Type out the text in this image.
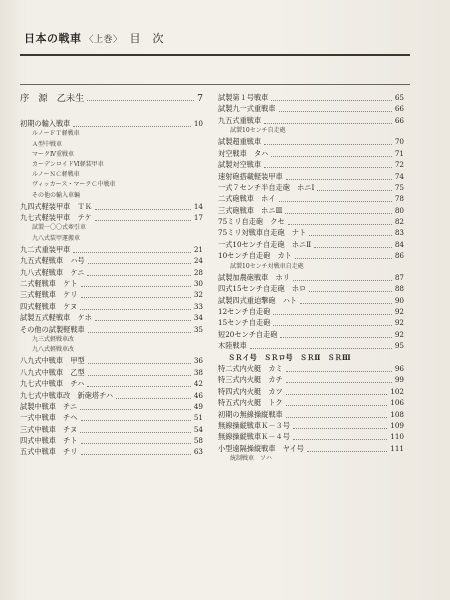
日本の戦車 〈上巻〉 目　次
序　源　乙未生	7
初期の輸入戦車	10
ルノーＦＴ軽戦車
Ａ型中戦車
マークⅣ重戦車
カーデンロイドⅥ軽装甲車
ルノーＮＣ軽戦車
ヴィッカース・マークＣ中戦車
その他の輸入車輛
九四式軽装甲車　ＴＫ	14
九七式軽装甲車　テケ	17
試製一〇〇式牽引車
九八式装甲運搬車
九二式重装甲車	21
九五式軽戦車　ハ号	24
九八式軽戦車　ケニ	28
二式軽戦車　ケト	30
三式軽戦車　ケリ	32
四式軽戦車　ケヌ	33
試製五式軽戦車　ケホ	34
その他の試製軽戦車	35
九三式軽戦車改
九八式軽戦車改
八九式中戦車　甲型	36
八九式中戦車　乙型	38
九七式中戦車　チハ	42
九七式中戦車改　新砲塔チハ	46
試製中戦車　チニ	49
一式中戦車　チヘ	51
三式中戦車　チヌ	54
四式中戦車　チト	58
五式中戦車　チリ	63
試製第１号戦車	65
試製九一式重戦車	66
九五式重戦車	66
試製10センチ自走砲
試製超重戦車	70
対空戦車　タハ	71
試製対空戦車	72
速射砲搭載軽装甲車	74
一式７センチ半自走砲　ホニⅠ	75
二式砲戦車　ホイ	78
三式砲戦車　ホニⅢ	80
75ミリ自走砲　クセ	82
75ミリ対戦車自走砲　ナト	83
一式10センチ自走砲　ホニⅡ	84
10センチ自走砲　カト	86
試製10センチ対戦車自走砲
試製加農砲戦車　ホリ	87
四式15センチ自走砲　ホロ	88
試製四式重迫撃砲　ハト	90
12センチ自走砲	92
15センチ自走砲	92
短20センチ自走砲	92
木陸戦車	95
ＳＲイ号　ＳＲロ号　ＳＲⅡ　ＳＲⅢ
特二式内火艇　カミ	96
特三式内火艇　カチ	99
特四式内火艇　カツ	102
特五式内火艇　トク	106
初期の無線操縦戦車	108
無線操縦戦車Ｋ－３号	109
無線操縦戦車Ｋ－４号	110
小型遠隔操縦戦車　ヤイ号	111
統制戦車　ソハ
